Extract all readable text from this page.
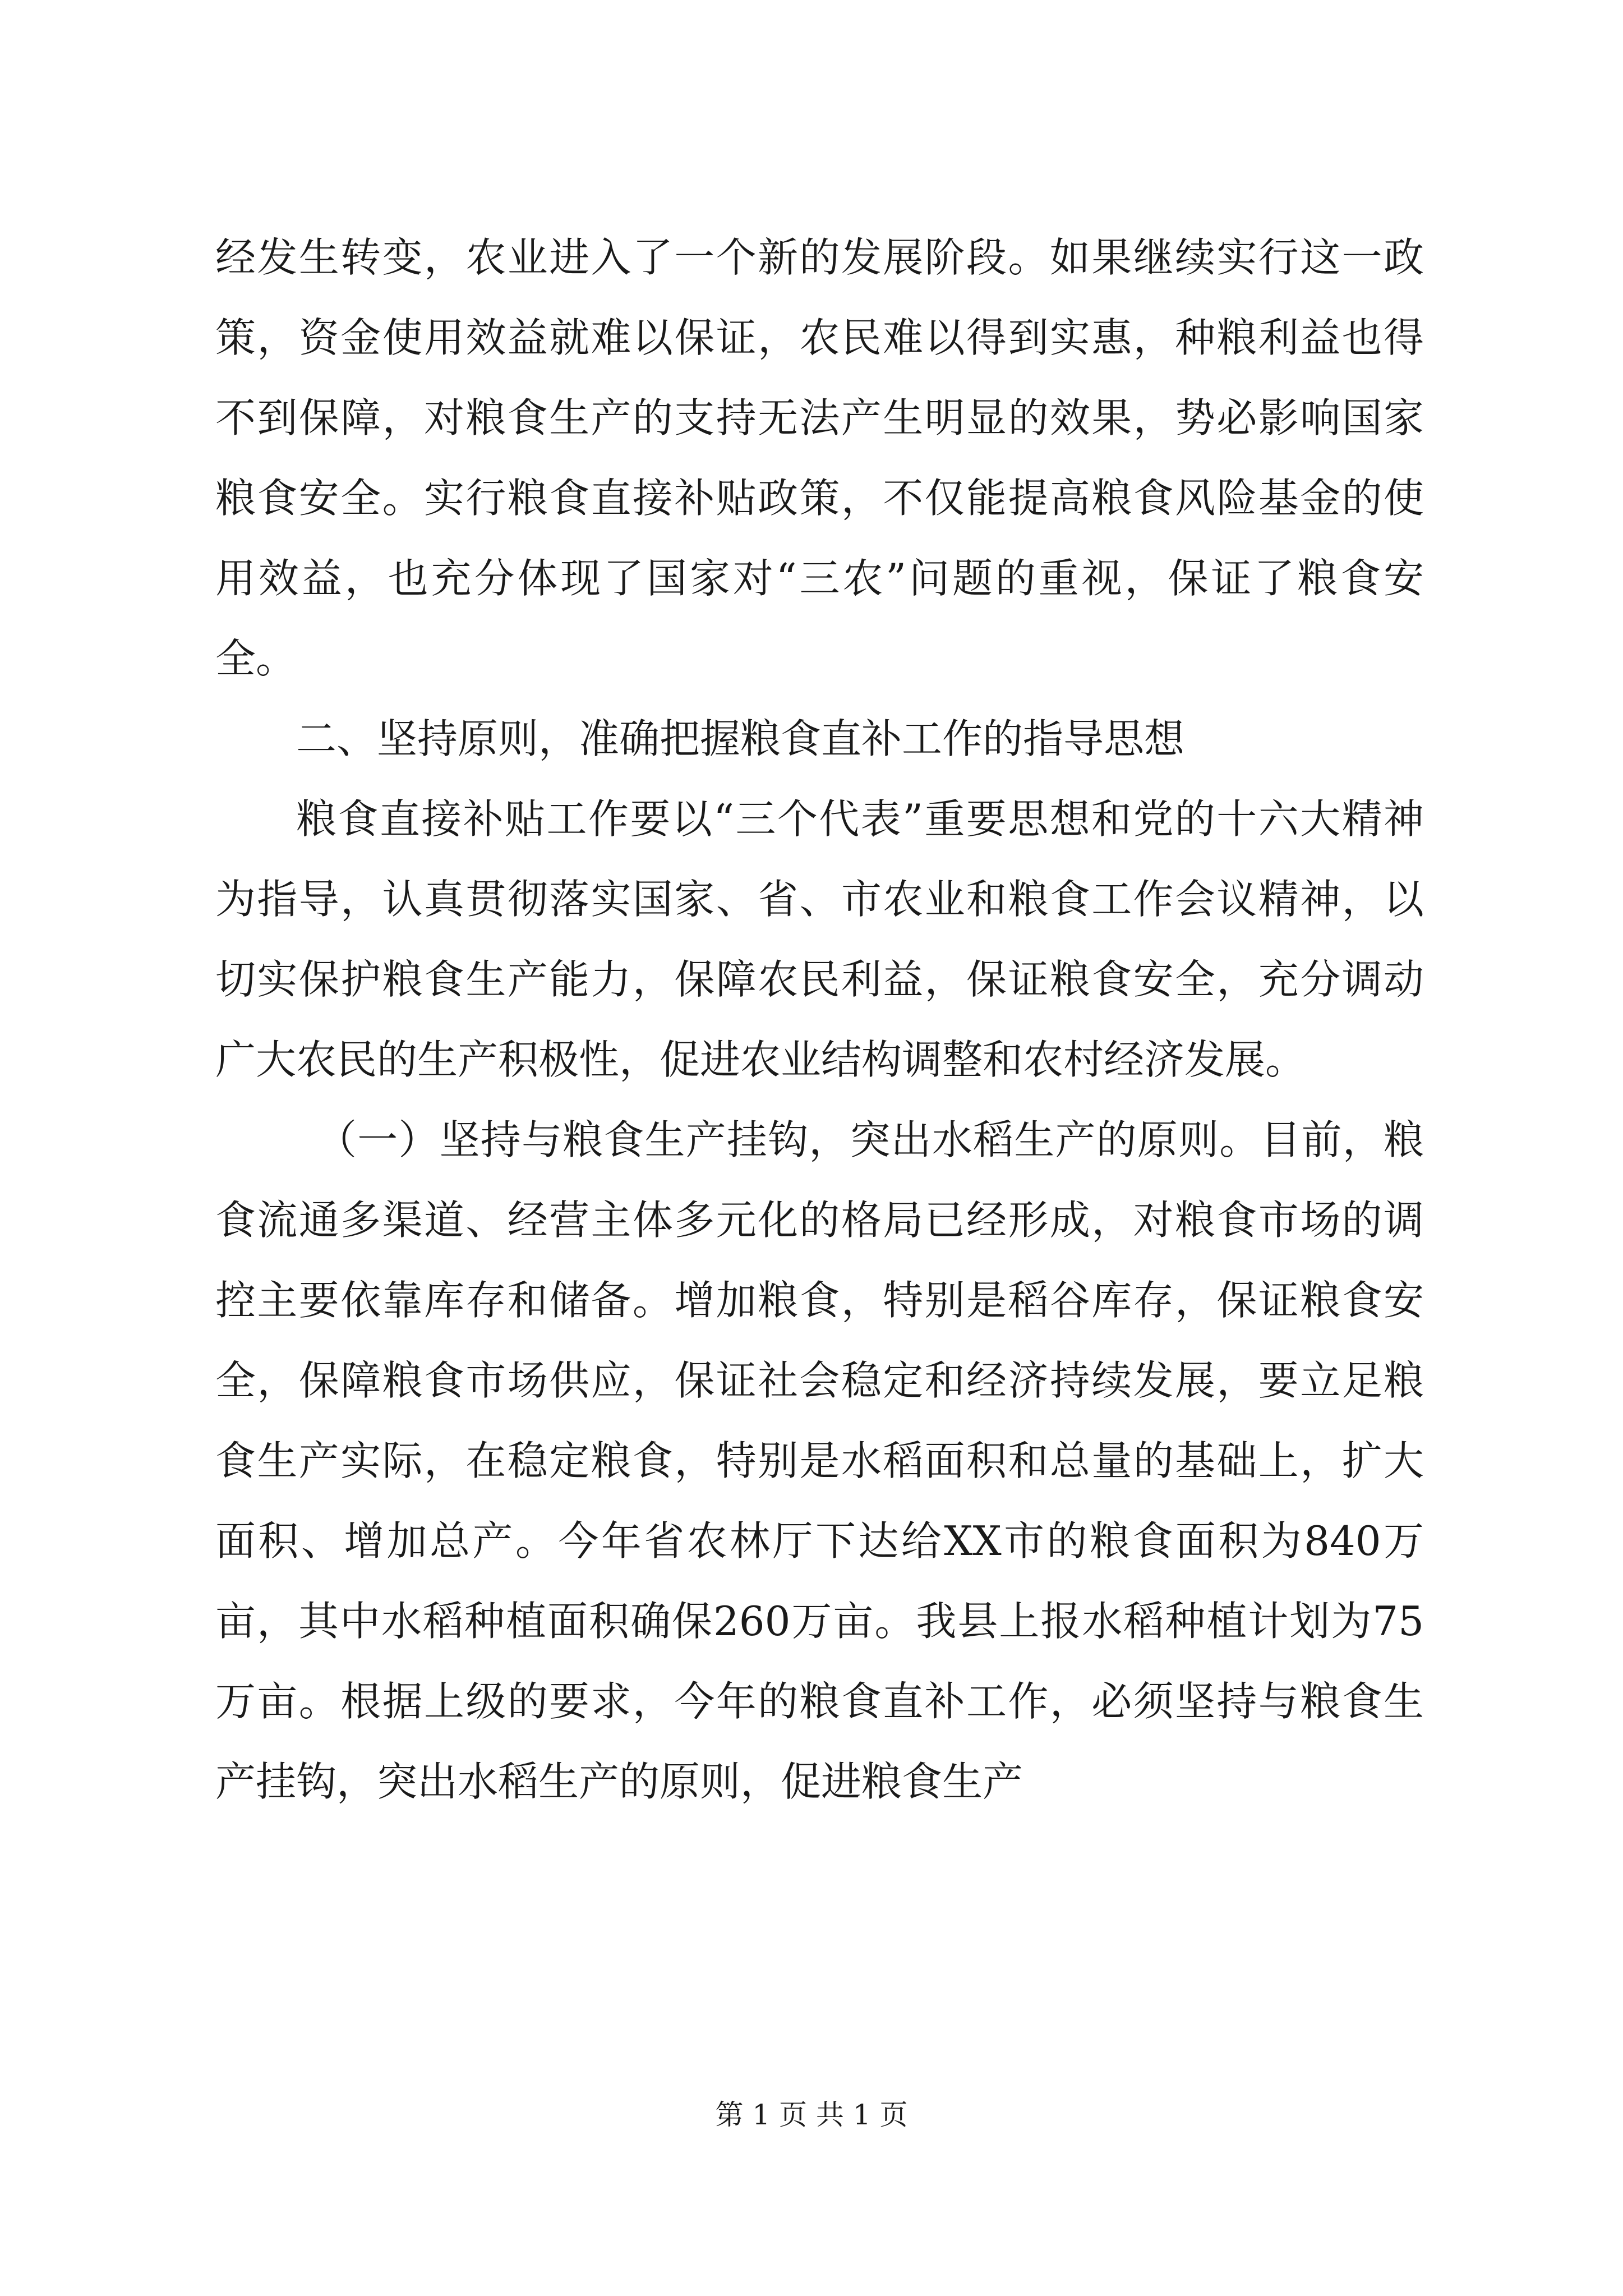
经发生转变，农业进入了一个新的发展阶段。如果继续实行这一政策，资金使用效益就难以保证，农民难以得到实惠，种粮利益也得不到保障，对粮食生产的支持无法产生明显的效果，势必影响国家粮食安全。实行粮食直接补贴政策，不仅能提高粮食风险基金的使用效益，也充分体现了国家对“三农”问题的重视，保证了粮食安全。

二、坚持原则，准确把握粮食直补工作的指导思想

粮食直接补贴工作要以“三个代表”重要思想和党的十六大精神为指导，认真贯彻落实国家、省、市农业和粮食工作会议精神，以切实保护粮食生产能力，保障农民利益，保证粮食安全，充分调动广大农民的生产积极性，促进农业结构调整和农村经济发展。

（一）坚持与粮食生产挂钩，突出水稻生产的原则。目前，粮食流通多渠道、经营主体多元化的格局已经形成，对粮食市场的调控主要依靠库存和储备。增加粮食，特别是稻谷库存，保证粮食安全，保障粮食市场供应，保证社会稳定和经济持续发展，要立足粮食生产实际，在稳定粮食，特别是水稻面积和总量的基础上，扩大面积、增加总产。今年省农林厅下达给XX市的粮食面积为840万亩，其中水稻种植面积确保260万亩。我县上报水稻种植计划为75万亩。根据上级的要求，今年的粮食直补工作，必须坚持与粮食生产挂钩，突出水稻生产的原则，促进粮食生产

第 1 页 共 1 页
